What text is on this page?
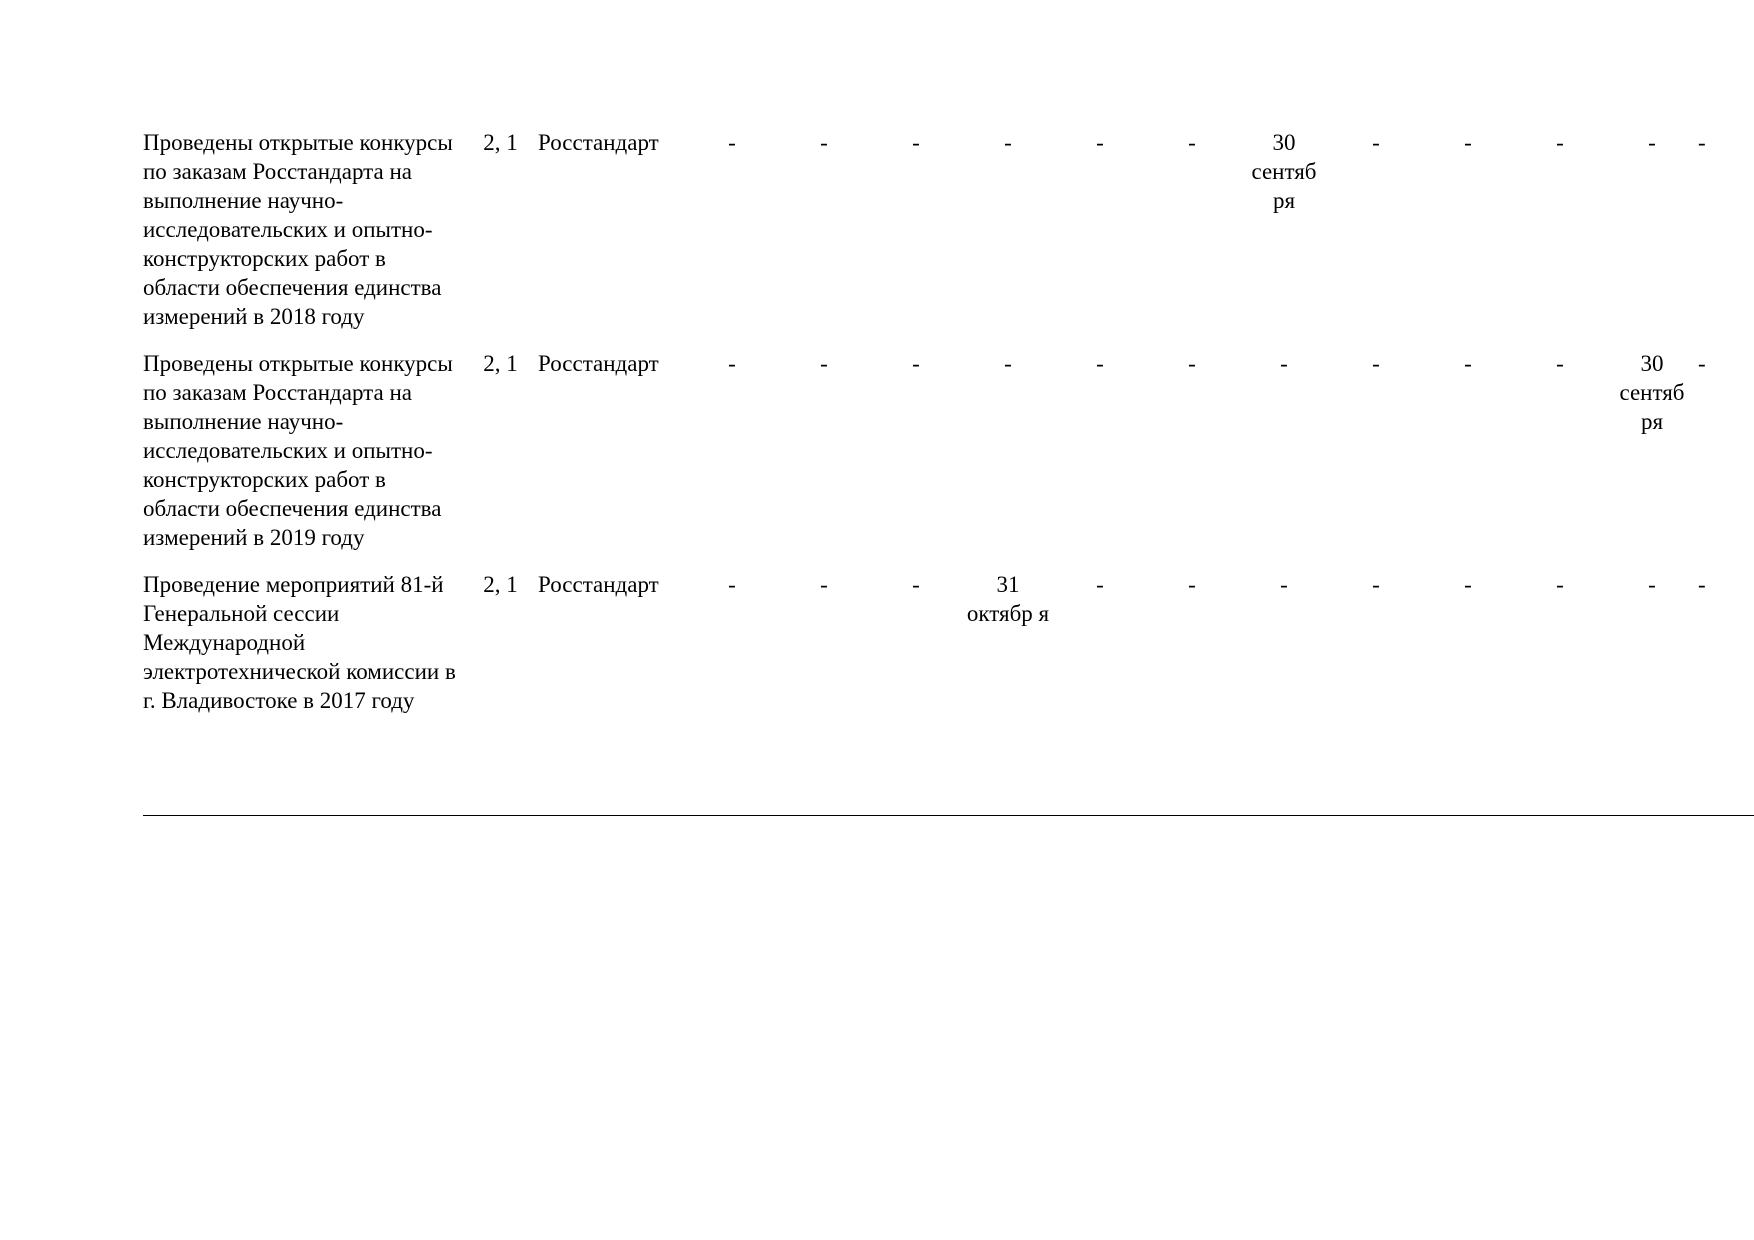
Проведены открытые конкурсы по заказам Росстандарта на выполнение научно-исследовательских и опытно-конструкторских работ в области обеспечения единства измерений в 2018 году	2, 1	Росстандарт	-	-	-	-	-	-	30 сентяб ря	-	-	-	-	-
Проведены открытые конкурсы по заказам Росстандарта на выполнение научно-исследовательских и опытно-конструкторских работ в области обеспечения единства измерений в 2019 году	2, 1	Росстандарт	-	-	-	-	-	-	-	-	-	-	30 сентяб ря	-
Проведение мероприятий 81-й Генеральной сессии Международной электротехнической комиссии в г. Владивостоке в 2017 году	2, 1	Росстандарт	-	-	-	31 октябр я	-	-	-	-	-	-	-	-
